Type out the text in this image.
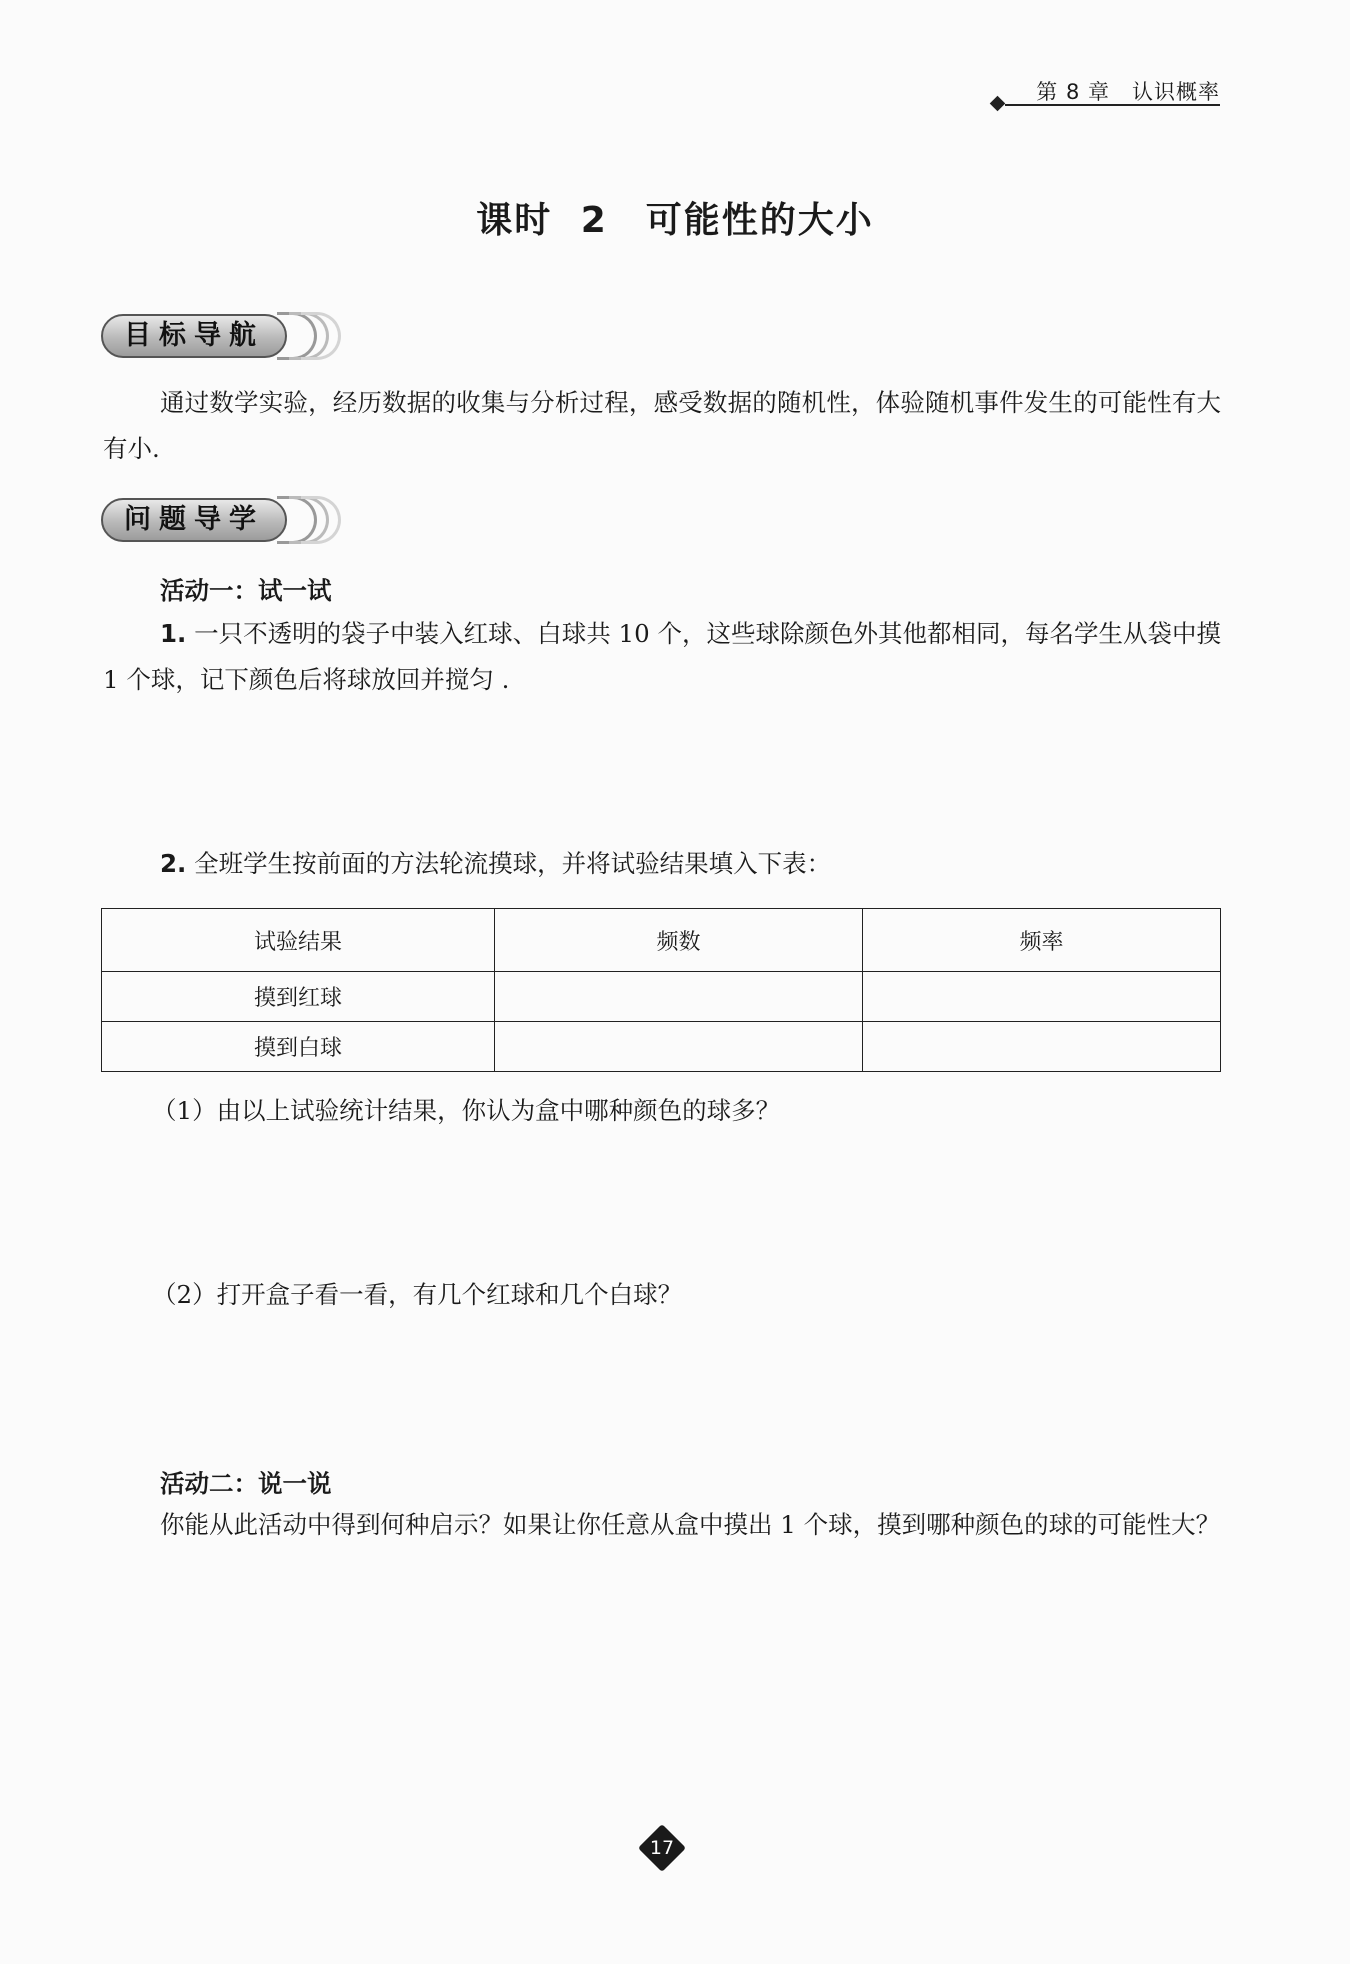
第 8 章　认识概率
课时 2　可能性的大小
目标导航
通过数学实验，经历数据的收集与分析过程，感受数据的随机性，体验随机事件发生的可能性有大有小.
问题导学
活动一：试一试
1. 一只不透明的袋子中装入红球、白球共 10 个，这些球除颜色外其他都相同，每名学生从袋中摸 1 个球，记下颜色后将球放回并搅匀 .
2. 全班学生按前面的方法轮流摸球，并将试验结果填入下表：
试验结果	频数	频率
摸到红球		
摸到白球		
（1）由以上试验统计结果，你认为盒中哪种颜色的球多？
（2）打开盒子看一看，有几个红球和几个白球？
活动二：说一说
你能从此活动中得到何种启示？如果让你任意从盒中摸出 1 个球，摸到哪种颜色的球的可能性大？
17
